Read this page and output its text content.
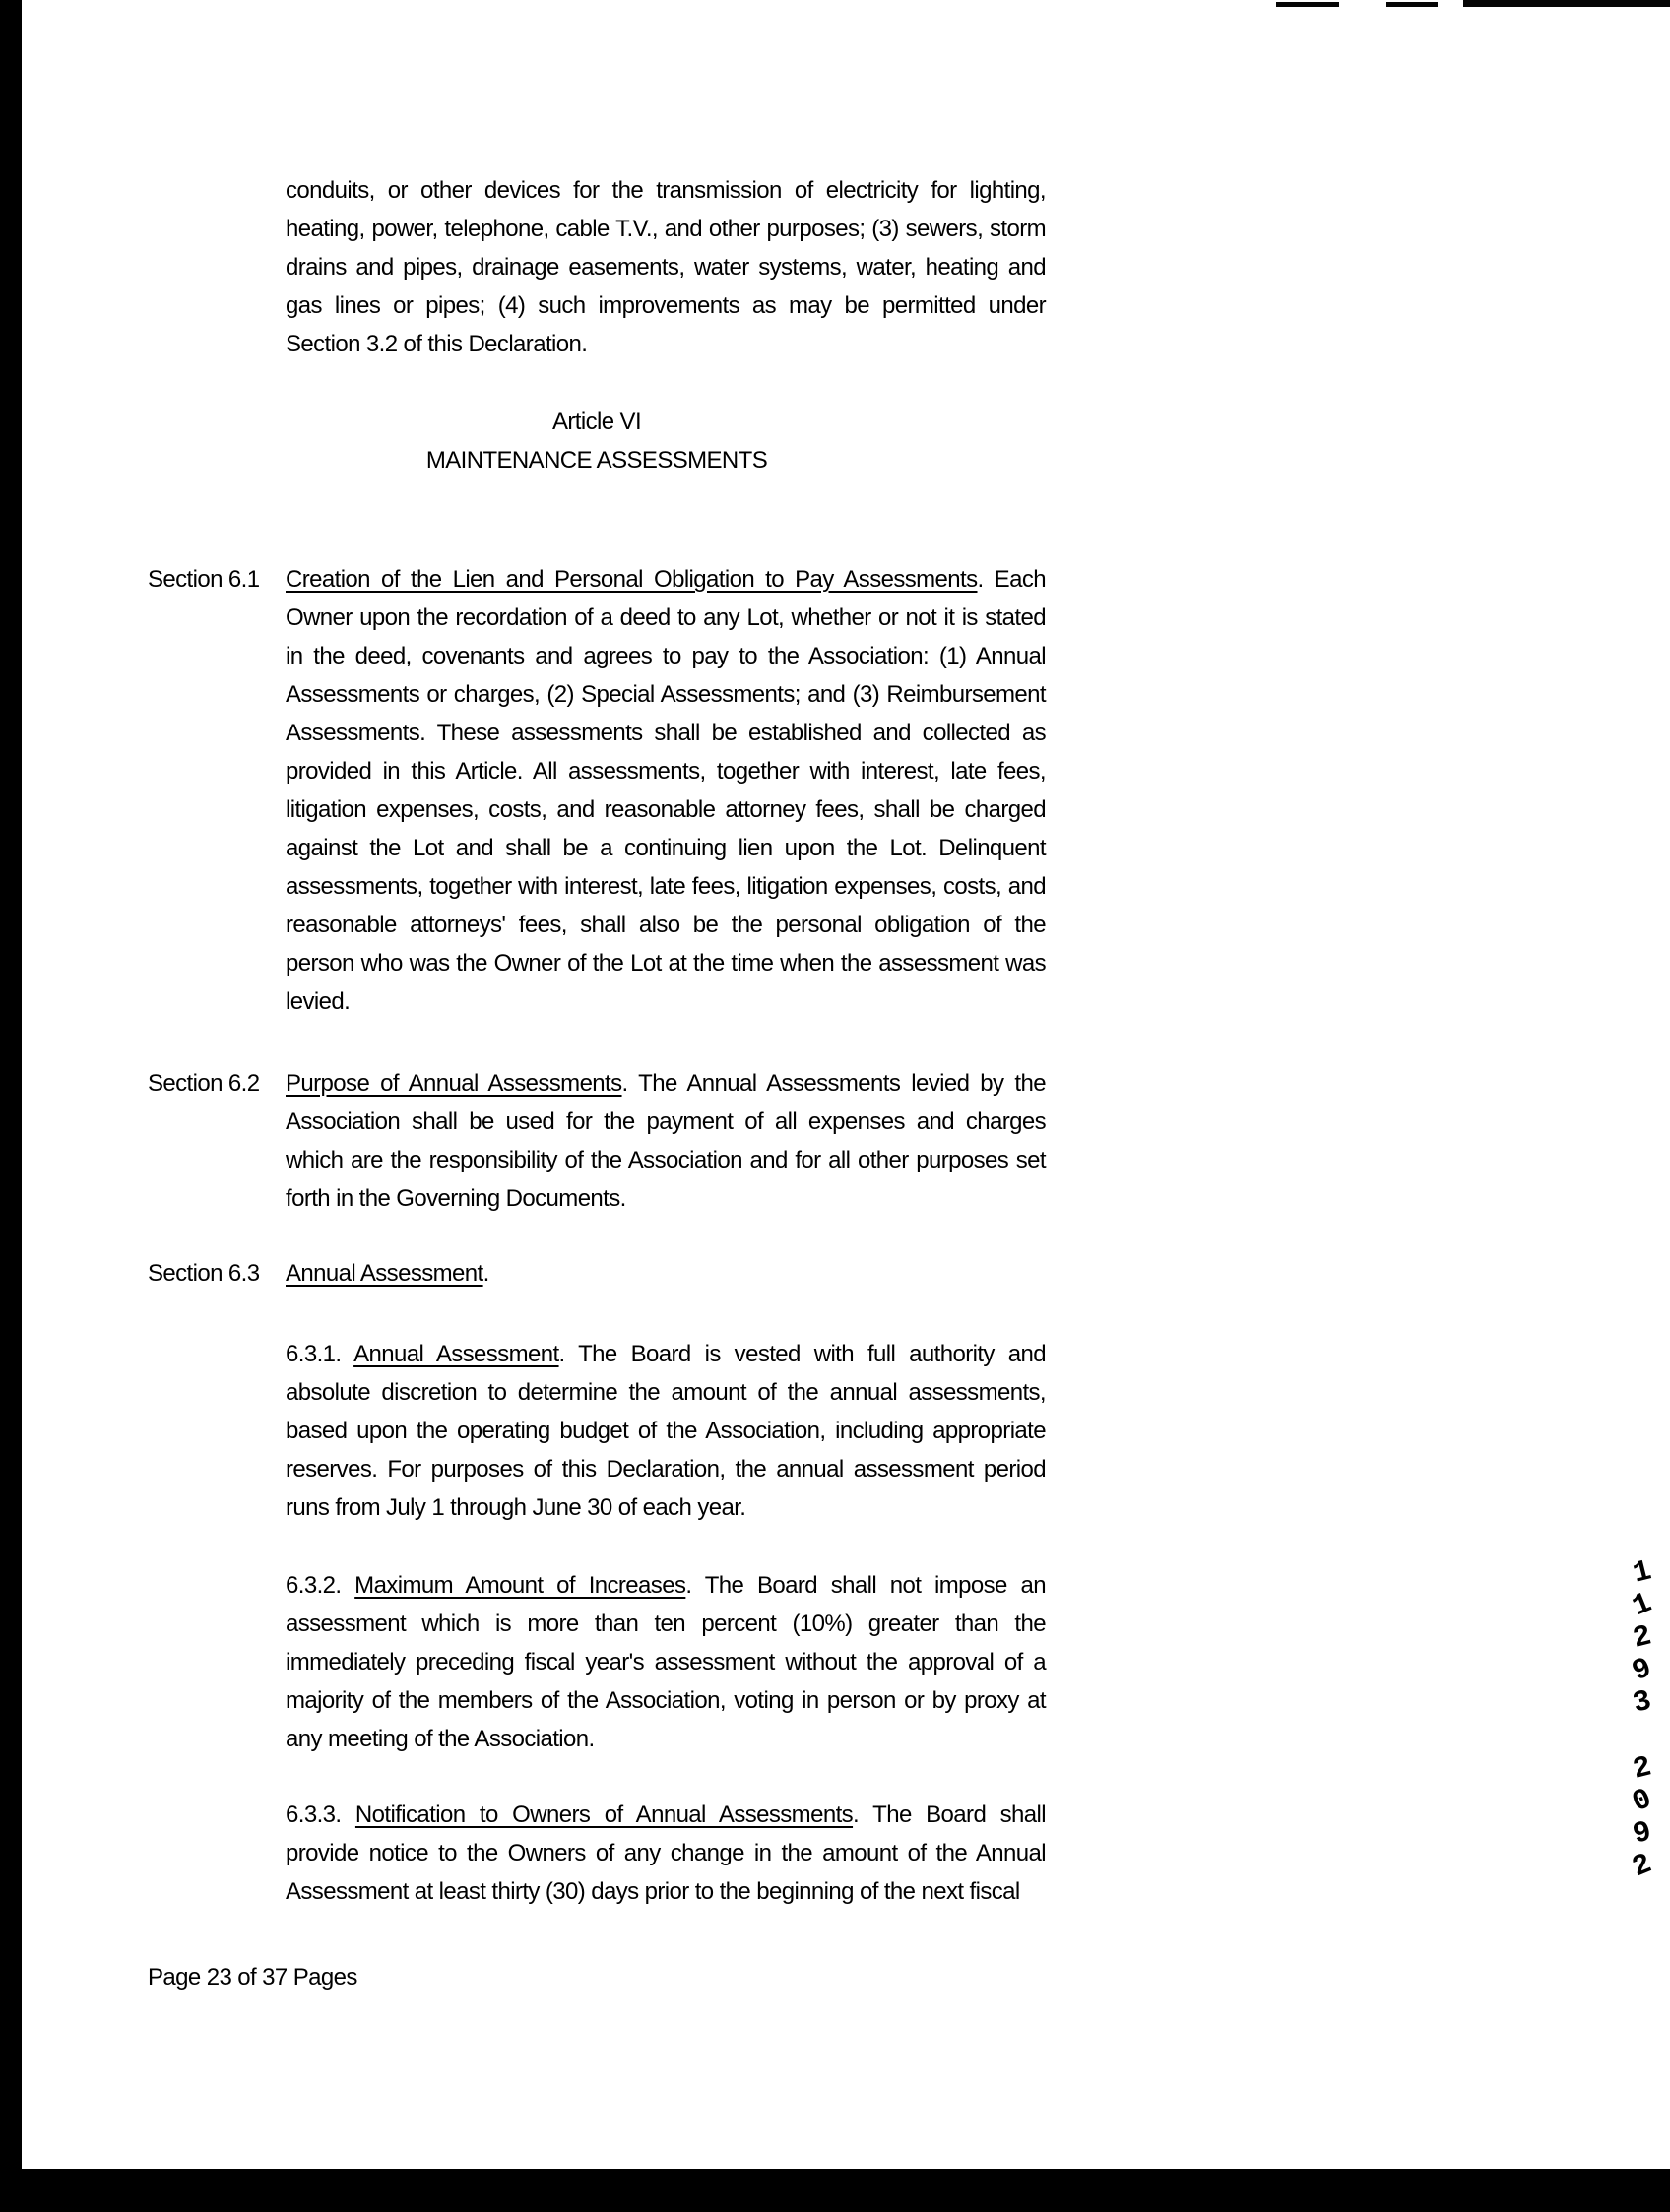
conduits, or other devices for the transmission of electricity for lighting, heating, power, telephone, cable T.V., and other purposes; (3) sewers, storm drains and pipes, drainage easements, water systems, water, heating and gas lines or pipes; (4) such improvements as may be permitted under Section 3.2 of this Declaration.
Article VI
MAINTENANCE ASSESSMENTS
Section 6.1	Creation of the Lien and Personal Obligation to Pay Assessments. Each Owner upon the recordation of a deed to any Lot, whether or not it is stated in the deed, covenants and agrees to pay to the Association: (1) Annual Assessments or charges, (2) Special Assessments; and (3) Reimbursement Assessments. These assessments shall be established and collected as provided in this Article. All assessments, together with interest, late fees, litigation expenses, costs, and reasonable attorney fees, shall be charged against the Lot and shall be a continuing lien upon the Lot. Delinquent assessments, together with interest, late fees, litigation expenses, costs, and reasonable attorneys' fees, shall also be the personal obligation of the person who was the Owner of the Lot at the time when the assessment was levied.
Section 6.2	Purpose of Annual Assessments. The Annual Assessments levied by the Association shall be used for the payment of all expenses and charges which are the responsibility of the Association and for all other purposes set forth in the Governing Documents.
Section 6.3	Annual Assessment.
6.3.1. Annual Assessment. The Board is vested with full authority and absolute discretion to determine the amount of the annual assessments, based upon the operating budget of the Association, including appropriate reserves. For purposes of this Declaration, the annual assessment period runs from July 1 through June 30 of each year.
6.3.2. Maximum Amount of Increases. The Board shall not impose an assessment which is more than ten percent (10%) greater than the immediately preceding fiscal year's assessment without the approval of a majority of the members of the Association, voting in person or by proxy at any meeting of the Association.
6.3.3. Notification to Owners of Annual Assessments. The Board shall provide notice to the Owners of any change in the amount of the Annual Assessment at least thirty (30) days prior to the beginning of the next fiscal
Page 23 of 37 Pages
1
1
2
9
3
2
0
9
2
